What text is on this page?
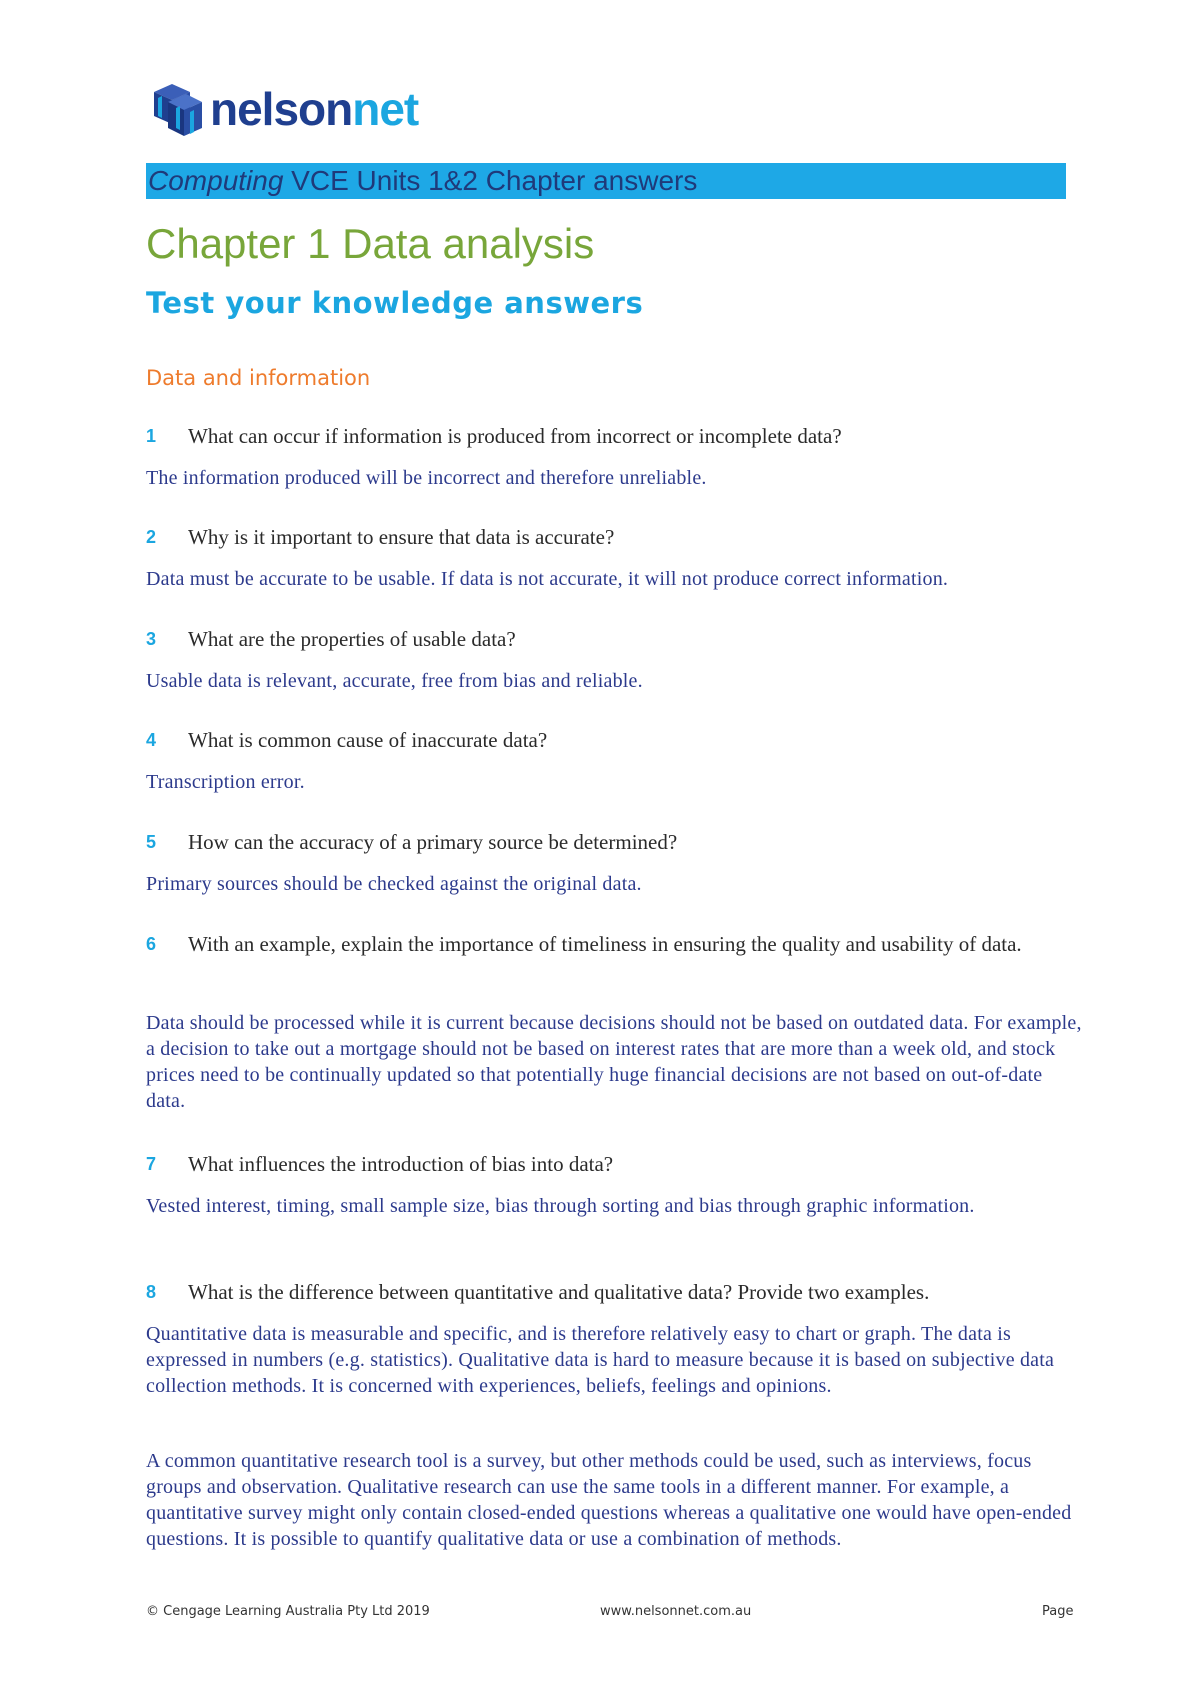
nelsonnet
Computing VCE Units 1&2 Chapter answers
Chapter 1 Data analysis
Test your knowledge answers
Data and information
1 What can occur if information is produced from incorrect or incomplete data?
The information produced will be incorrect and therefore unreliable.
2 Why is it important to ensure that data is accurate?
Data must be accurate to be usable. If data is not accurate, it will not produce correct information.
3 What are the properties of usable data?
Usable data is relevant, accurate, free from bias and reliable.
4 What is common cause of inaccurate data?
Transcription error.
5 How can the accuracy of a primary source be determined?
Primary sources should be checked against the original data.
6 With an example, explain the importance of timeliness in ensuring the quality and usability of data.
Data should be processed while it is current because decisions should not be based on outdated data. For example, a decision to take out a mortgage should not be based on interest rates that are more than a week old, and stock prices need to be continually updated so that potentially huge financial decisions are not based on out-of-date data.
7 What influences the introduction of bias into data?
Vested interest, timing, small sample size, bias through sorting and bias through graphic information.
8 What is the difference between quantitative and qualitative data? Provide two examples.
Quantitative data is measurable and specific, and is therefore relatively easy to chart or graph. The data is expressed in numbers (e.g. statistics). Qualitative data is hard to measure because it is based on subjective data collection methods. It is concerned with experiences, beliefs, feelings and opinions.
A common quantitative research tool is a survey, but other methods could be used, such as interviews, focus groups and observation. Qualitative research can use the same tools in a different manner. For example, a quantitative survey might only contain closed-ended questions whereas a qualitative one would have open-ended questions. It is possible to quantify qualitative data or use a combination of methods.
© Cengage Learning Australia Pty Ltd 2019	www.nelsonnet.com.au	Page
